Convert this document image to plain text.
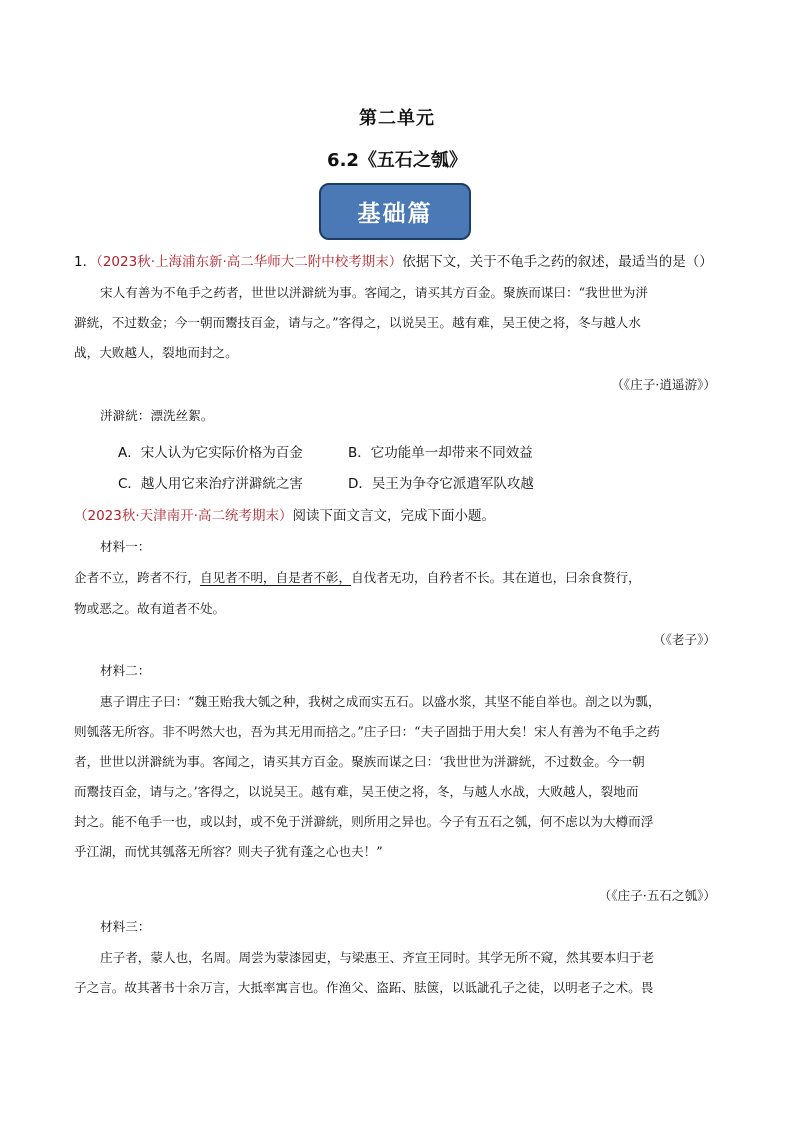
第二单元
6.2《五石之瓠》
基础篇
1．（2023秋·上海浦东新·高二华师大二附中校考期末）依据下文，关于不龟手之药的叙述，最适当的是（）
宋人有善为不龟手之药者，世世以洴澼絖为事。客闻之，请买其方百金。聚族而谋曰：“我世世为洴
澼絖，不过数金；今一朝而鬻技百金，请与之。”客得之，以说吴王。越有难，吴王使之将，冬与越人水
战，大败越人，裂地而封之。
（《庄子·逍遥游》）
洴澼絖：漂洗丝絮。
A．宋人认为它实际价格为百金	B．它功能单一却带来不同效益
C．越人用它来治疗洴澼絖之害	D．吴王为争夺它派遣军队攻越
（2023秋·天津南开·高二统考期末）阅读下面文言文，完成下面小题。
材料一：
企者不立，跨者不行，自见者不明，自是者不彰，自伐者无功，自矜者不长。其在道也，曰余食赘行，
物或恶之。故有道者不处。
（《老子》）
材料二：
惠子谓庄子曰：“魏王贻我大瓠之种，我树之成而实五石。以盛水浆，其坚不能自举也。剖之以为瓢，
则瓠落无所容。非不呺然大也，吾为其无用而掊之。”庄子曰：“夫子固拙于用大矣！宋人有善为不龟手之药
者，世世以洴澼絖为事。客闻之，请买其方百金。聚族而谋之曰：‘我世世为洴澼絖，不过数金。今一朝
而鬻技百金，请与之。’客得之，以说吴王。越有难，吴王使之将，冬，与越人水战，大败越人，裂地而
封之。能不龟手一也，或以封，或不免于洴澼絖，则所用之异也。今子有五石之瓠，何不虑以为大樽而浮
乎江湖，而忧其瓠落无所容？则夫子犹有蓬之心也夫！”
（《庄子·五石之瓠》）
材料三：
庄子者，蒙人也，名周。周尝为蒙漆园吏，与梁惠王、齐宣王同时。其学无所不窥，然其要本归于老
子之言。故其著书十余万言，大抵率寓言也。作渔父、盗跖、胠箧，以诋訿孔子之徒，以明老子之术。畏
